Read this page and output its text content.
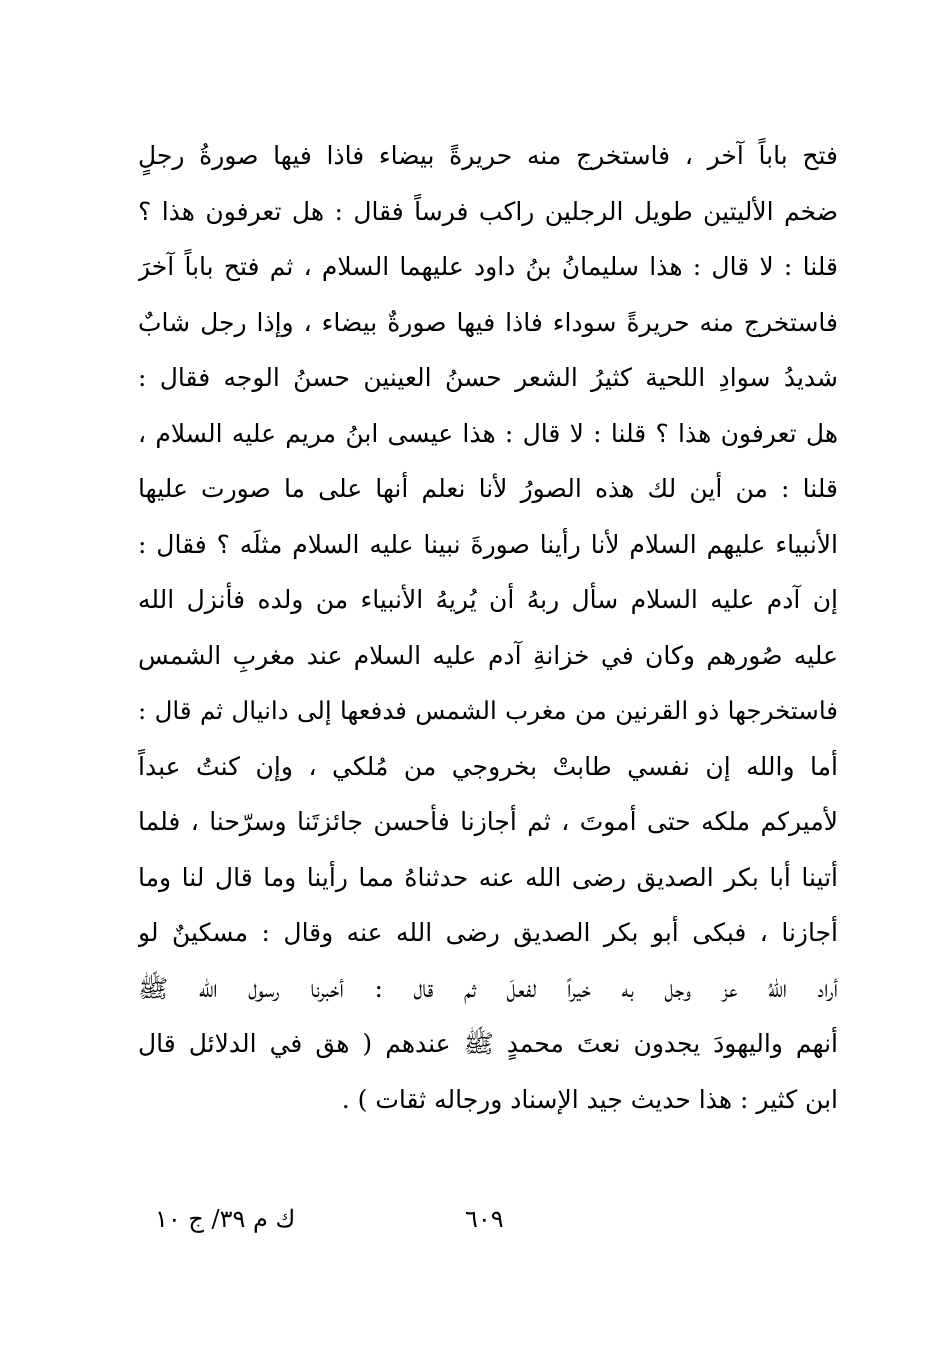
فتح باباً آخر ، فاستخرج منه حريرةً بيضاء فاذا فيها صورةُ رجلٍ
ضخم الأليتين طويل الرجلين راكب فرساً فقال : هل تعرفون هذا ؟
قلنا : لا قال : هذا سليمانُ بنُ داود عليهما السلام ، ثم فتح باباً آخرَ
فاستخرج منه حريرةً سوداء فاذا فيها صورةٌ بيضاء ، وإذا رجل شابٌ
شديدُ سوادِ اللحية كثيرُ الشعر حسنُ العينين حسنُ الوجه فقال :
هل تعرفون هذا ؟ قلنا : لا قال : هذا عيسى ابنُ مريم عليه السلام ،
قلنا : من أين لك هذه الصورُ لأنا نعلم أنها على ما صورت عليها
الأنبياء عليهم السلام لأنا رأينا صورةَ نبينا عليه السلام مثلَه ؟ فقال :
إن آدم عليه السلام سأل ربهُ أن يُريهُ الأنبياء من ولده فأنزل الله
عليه صُورهم وكان في خزانةِ آدم عليه السلام عند مغربِ الشمس
فاستخرجها ذو القرنين من مغرب الشمس فدفعها إلى دانيال ثم قال :
أما والله إن نفسي طابتْ بخروجي من مُلكي ، وإن كنتُ عبداً
لأميركم ملكه حتى أموتَ ، ثم أجازنا فأحسن جائزتَنا وسرّحنا ، فلما
أتينا أبا بكر الصديق رضى الله عنه حدثناهُ مما رأينا وما قال لنا وما
أجازنا ، فبكى أبو بكر الصديق رضى الله عنه وقال : مسكينٌ لو
أراد اللهُ عز وجل به خيراً لفعلَ ثم قال : أخبرنا رسول الله ﷺ
أنهم واليهودَ يجدون نعتَ محمدٍ ﷺ عندهم ( هق في الدلائل قال
ابن كثير : هذا حديث جيد الإسناد ورجاله ثقات ) .
٦٠٩
ك م ٣٩/ ج ١٠
